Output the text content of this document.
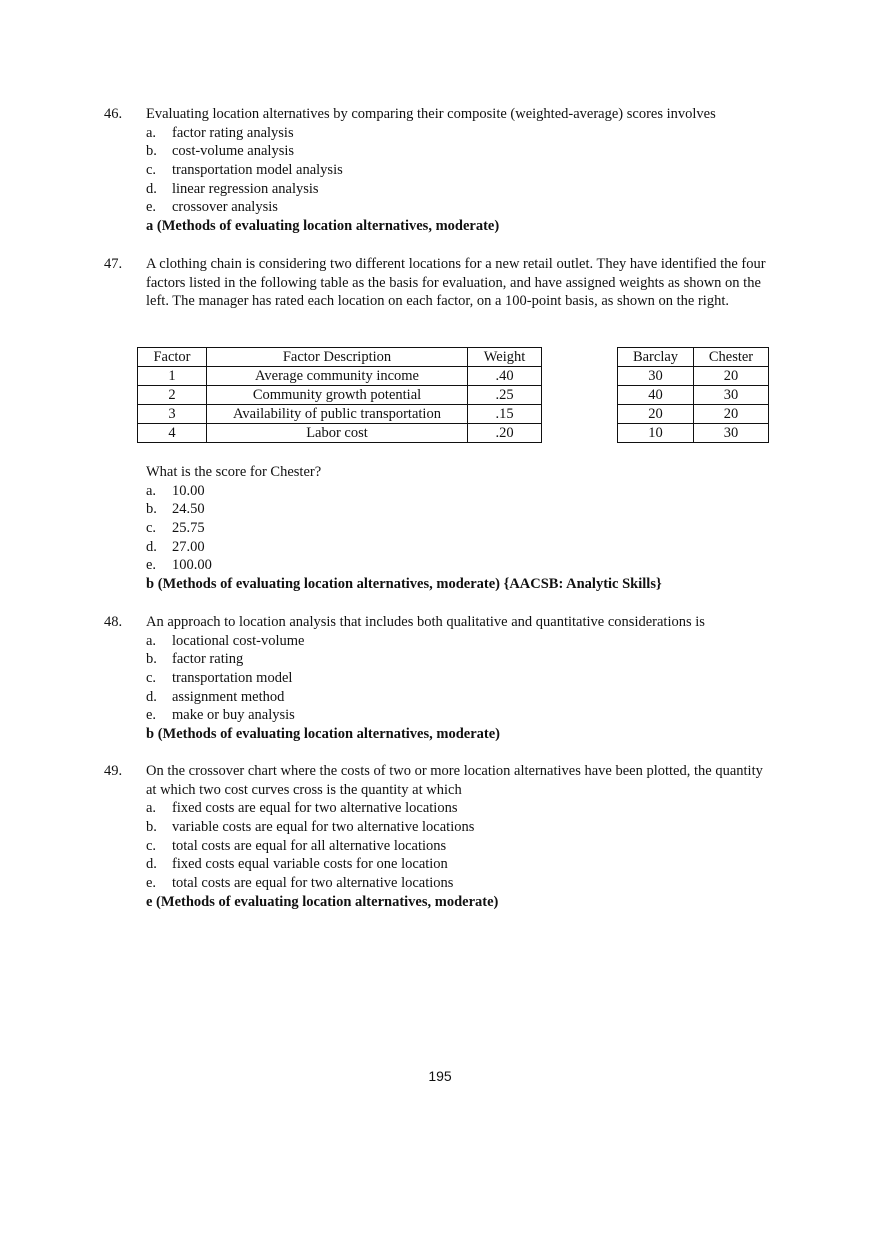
46. Evaluating location alternatives by comparing their composite (weighted-average) scores involves
a. factor rating analysis
b. cost-volume analysis
c. transportation model analysis
d. linear regression analysis
e. crossover analysis
a (Methods of evaluating location alternatives, moderate)
47. A clothing chain is considering two different locations for a new retail outlet. They have identified the four factors listed in the following table as the basis for evaluation, and have assigned weights as shown on the left. The manager has rated each location on each factor, on a 100-point basis, as shown on the right.
Factor	Factor Description	Weight
1	Average community income	.40
2	Community growth potential	.25
3	Availability of public transportation	.15
4	Labor cost	.20
Barclay	Chester
30	20
40	30
20	20
10	30
What is the score for Chester?
a. 10.00
b. 24.50
c. 25.75
d. 27.00
e. 100.00
b (Methods of evaluating location alternatives, moderate) {AACSB: Analytic Skills}
48. An approach to location analysis that includes both qualitative and quantitative considerations is
a. locational cost-volume
b. factor rating
c. transportation model
d. assignment method
e. make or buy analysis
b (Methods of evaluating location alternatives, moderate)
49. On the crossover chart where the costs of two or more location alternatives have been plotted, the quantity at which two cost curves cross is the quantity at which
a. fixed costs are equal for two alternative locations
b. variable costs are equal for two alternative locations
c. total costs are equal for all alternative locations
d. fixed costs equal variable costs for one location
e. total costs are equal for two alternative locations
e (Methods of evaluating location alternatives, moderate)
195
